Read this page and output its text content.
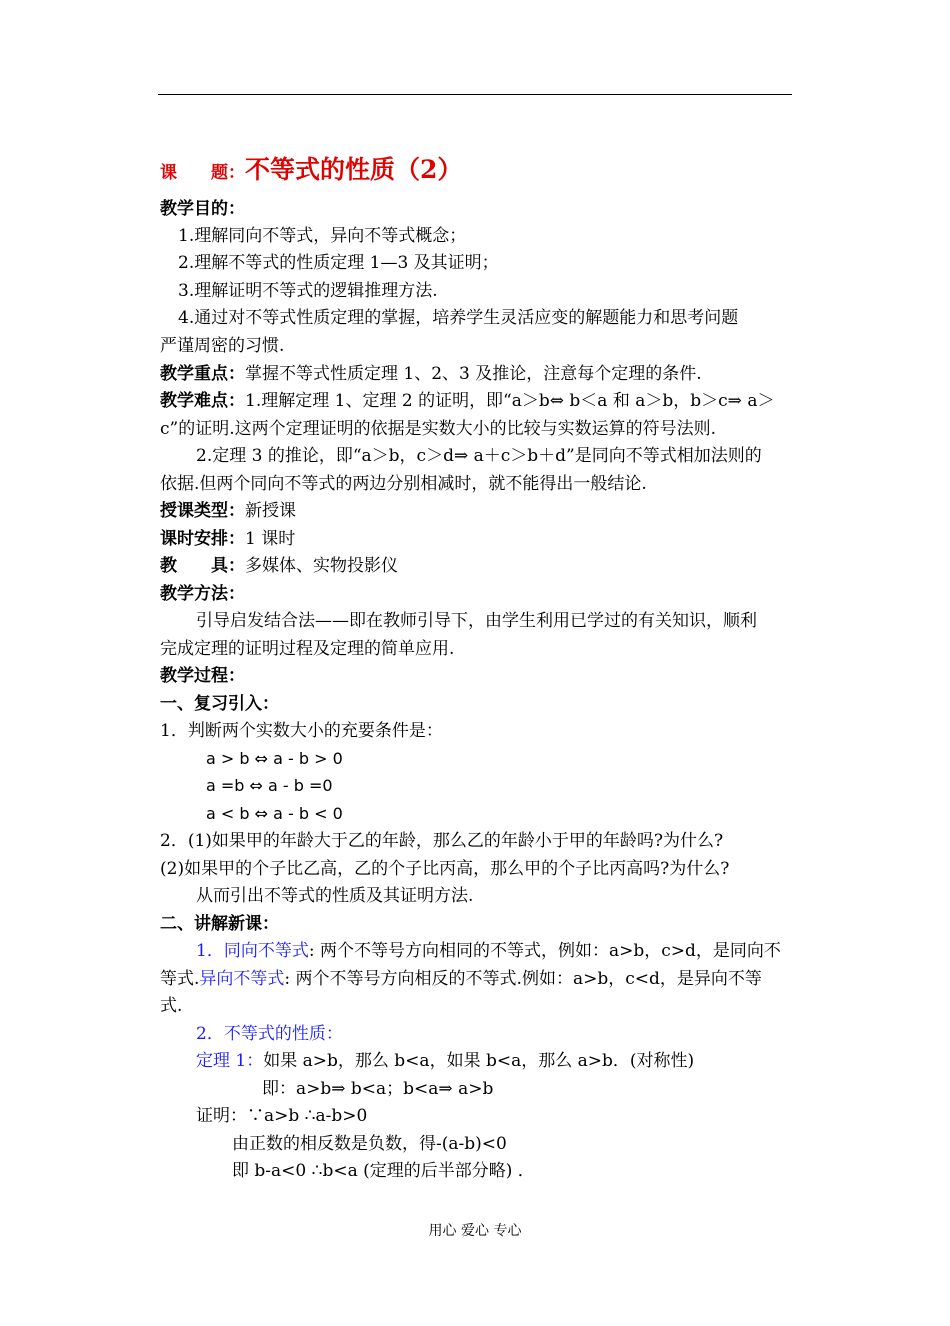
课　　题：不等式的性质（2）
教学目的：
1.理解同向不等式，异向不等式概念；
2.理解不等式的性质定理 1—3 及其证明；
3.理解证明不等式的逻辑推理方法.
4.通过对不等式性质定理的掌握，培养学生灵活应变的解题能力和思考问题
严谨周密的习惯.
教学重点：掌握不等式性质定理 1、2、3 及推论，注意每个定理的条件.
教学难点：1.理解定理 1、定理 2 的证明，即“a＞b⇔ b＜a 和 a＞b，b＞c⇒ a＞
c”的证明.这两个定理证明的依据是实数大小的比较与实数运算的符号法则.
2.定理 3 的推论，即“a＞b，c＞d⇒ a＋c＞b＋d”是同向不等式相加法则的
依据.但两个同向不等式的两边分别相减时，就不能得出一般结论.
授课类型：新授课
课时安排：1 课时
教　　具：多媒体、实物投影仪
教学方法：
引导启发结合法——即在教师引导下，由学生利用已学过的有关知识，顺利
完成定理的证明过程及定理的简单应用.
教学过程：
一、复习引入：
1．判断两个实数大小的充要条件是：
a > b ⇔ a - b > 0
a =b ⇔ a - b =0
a < b ⇔ a - b < 0
2．(1)如果甲的年龄大于乙的年龄，那么乙的年龄小于甲的年龄吗?为什么?
(2)如果甲的个子比乙高，乙的个子比丙高，那么甲的个子比丙高吗?为什么?
从而引出不等式的性质及其证明方法.
二、讲解新课：
1．同向不等式: 两个不等号方向相同的不等式，例如：a>b，c>d，是同向不
等式.异向不等式: 两个不等号方向相反的不等式.例如：a>b，c<d，是异向不等
式.
2．不等式的性质：
定理 1：如果 a>b，那么 b<a，如果 b<a，那么 a>b．(对称性)
即：a>b⇒ b<a；b<a⇒ a>b
证明：∵a>b ∴a-b>0
由正数的相反数是负数，得-(a-b)<0
即 b-a<0 ∴b<a (定理的后半部分略) ．
用心 爱心 专心
